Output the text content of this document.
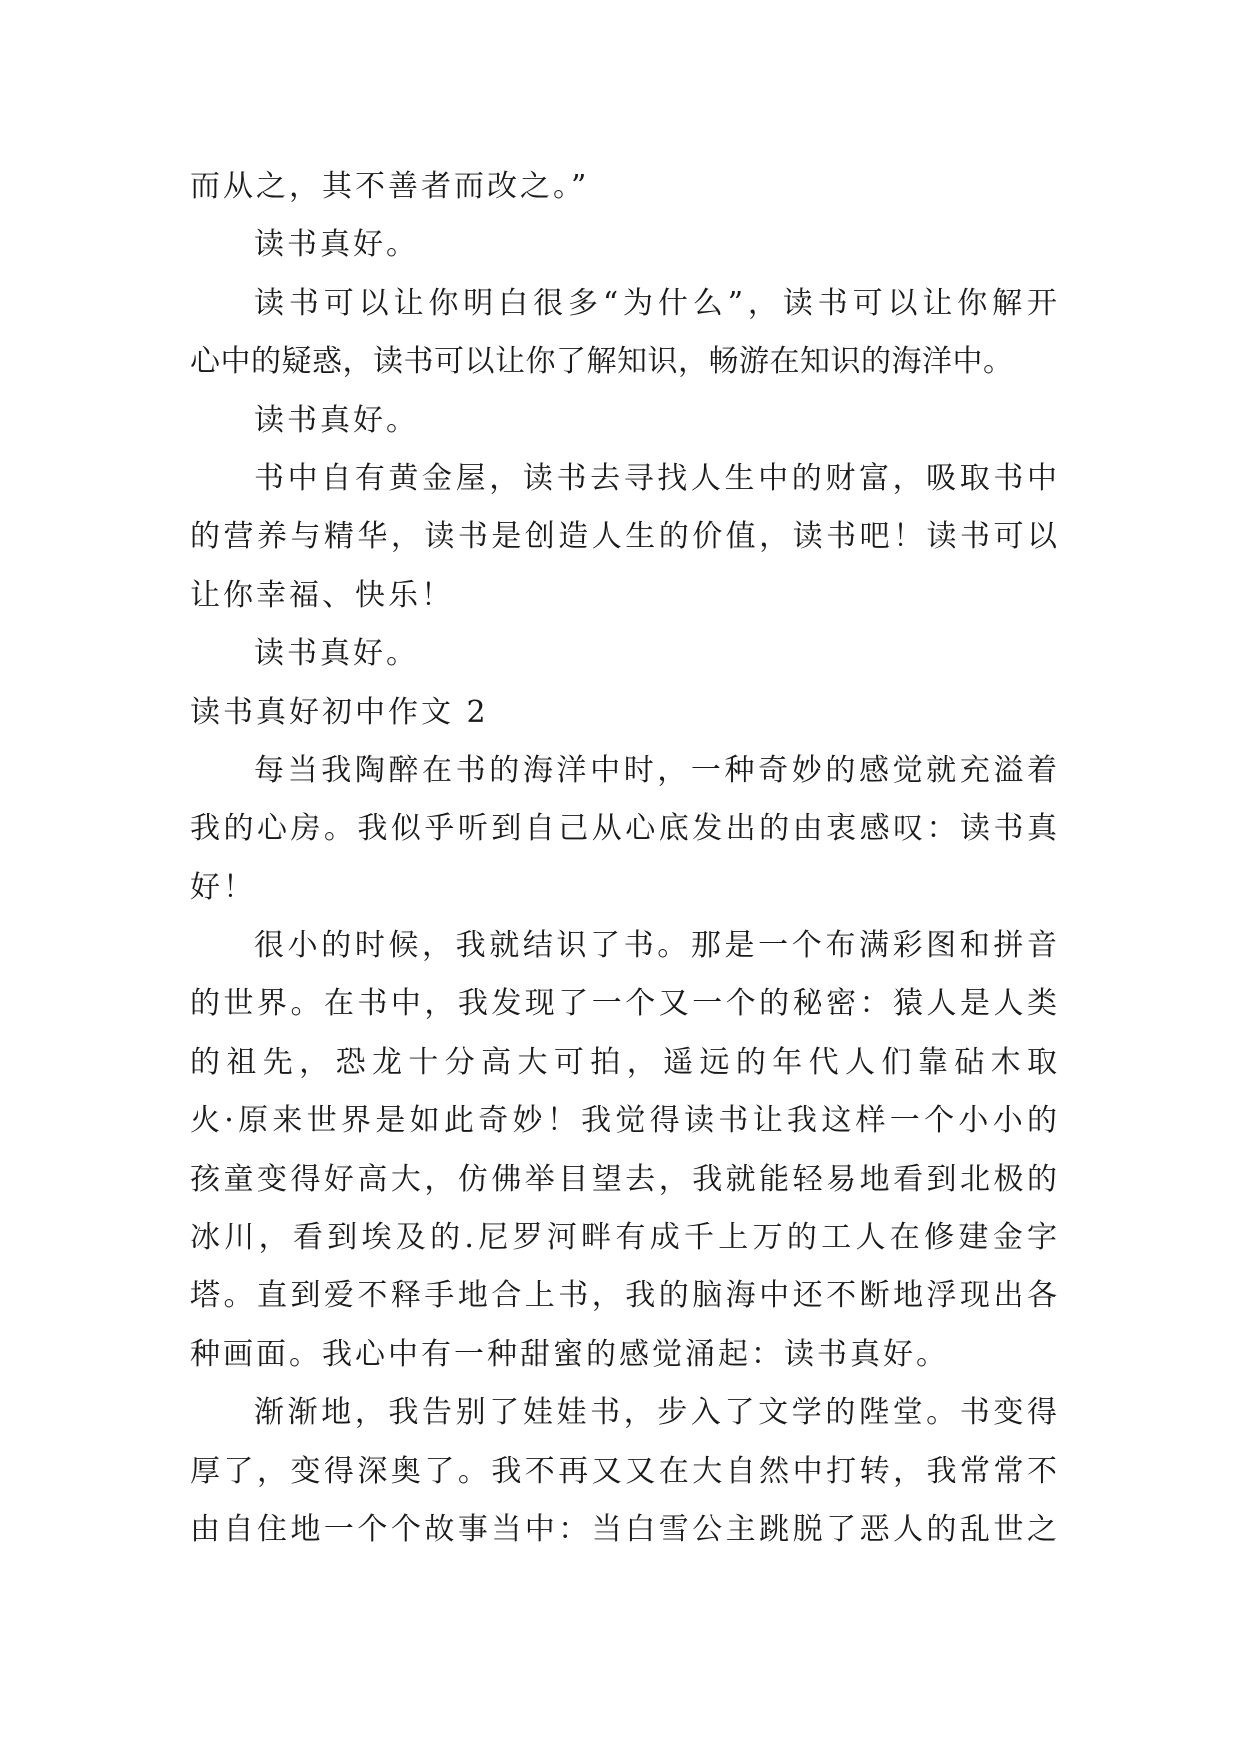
而从之，其不善者而改之。”
读书真好。
读书可以让你明白很多“为什么”，读书可以让你解开
心中的疑惑，读书可以让你了解知识，畅游在知识的海洋中。
读书真好。
书中自有黄金屋，读书去寻找人生中的财富，吸取书中
的营养与精华，读书是创造人生的价值，读书吧！读书可以
让你幸福、快乐！
读书真好。
读书真好初中作文 2
每当我陶醉在书的海洋中时，一种奇妙的感觉就充溢着
我的心房。我似乎听到自己从心底发出的由衷感叹：读书真
好！
很小的时候，我就结识了书。那是一个布满彩图和拼音
的世界。在书中，我发现了一个又一个的秘密：猿人是人类
的祖先，恐龙十分高大可拍，遥远的年代人们靠砧木取
火·原来世界是如此奇妙！我觉得读书让我这样一个小小的
孩童变得好高大，仿佛举目望去，我就能轻易地看到北极的
冰川，看到埃及的.尼罗河畔有成千上万的工人在修建金字
塔。直到爱不释手地合上书，我的脑海中还不断地浮现出各
种画面。我心中有一种甜蜜的感觉涌起：读书真好。
渐渐地，我告别了娃娃书，步入了文学的陛堂。书变得
厚了，变得深奥了。我不再又又在大自然中打转，我常常不
由自住地一个个故事当中：当白雪公主跳脱了恶人的乱世之
